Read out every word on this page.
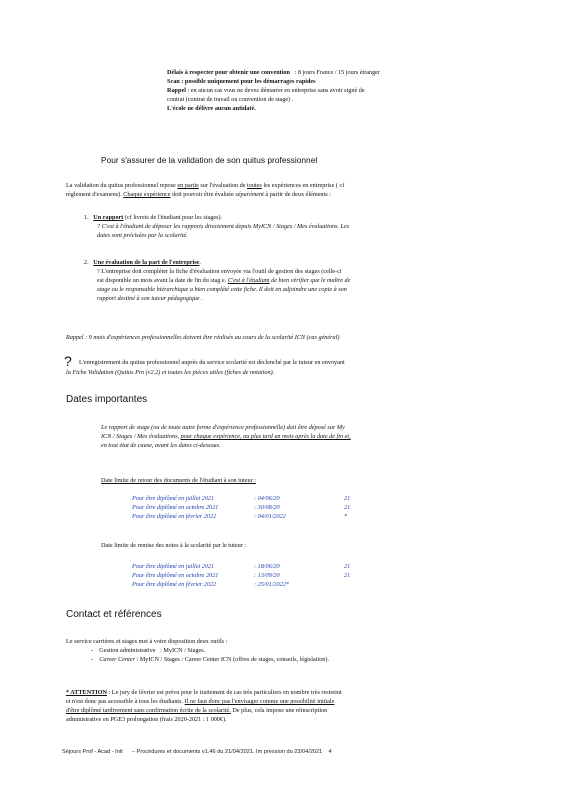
Délais à respecter pour obtenir une convention : 8 jours France / 15 jours étranger
Scan : possible uniquement pour les démarrages rapides
Rappel : en aucun cas vous ne devez démarrer en entreprise sans avoir signé de
contrat (contrat de travail ou convention de stage) .
L'école ne délivre aucun antidaté.
Pour s'assurer de la validation de son quitus professionnel
La validation du quitus professionnel repose en partie sur l'évaluation de toutes les expériences en entreprise ( cf
règlement d'examens). Chaque expérience doit pouvoir être évaluée séparément à partir de deux éléments :
1. Un rapport (cf livrets de l'étudiant pour les stages).
? C'est à l'étudiant de déposer les rapports directement depuis MyICN / Stages / Mes évaluations. Les
dates sont précisées par la scolarité.
2. Une évaluation de la part de l'entreprise.
? L'entreprise doit compléter la fiche d'évaluation envoyée via l'outil de gestion des stages (celle-ci
est disponible un mois avant la date de fin du stag e. C'est à l'étudiant de bien vérifier que le maître de
stage ou le responsable hiérarchique a bien complété cette fiche. Il doit en adjoindre une copie à son
rapport destiné à son tuteur pédagogique .
Rappel : 9 mois d'expériences professionnelles doivent être réalisés au cours de la scolarité ICN (cas général)
? L'enregistrement du quitus professionnel auprès du service scolarité est déclenché par le tuteur en envoyant
la Fiche Validation (Quitus Pro (v2.2) et toutes les pièces utiles (fiches de notation).
Dates importantes
Le rapport de stage (ou de toute autre forme d'expérience professionnelle) doit être déposé sur My
ICN / Stages / Mes évaluations, pour chaque expérience, au plus tard un mois après la date de fin et,
en tout état de cause, avant les dates ci-dessous.
Date limite de retour des documents de l'étudiant à son tuteur :
Pour être diplômé en juillet 2021	: 04/06/20	21
Pour être diplômé en octobre 2021	: 30/08/20	21
Pour être diplômé en février 2022	: 04/01/2022	*
Date limite de remise des notes à la scolarité par le tuteur :
Pour être diplômé en juillet 2021	: 18/06/20	21
Pour être diplômé en octobre 2021	: 13/09/20	21
Pour être diplômé en février 2022	: 25/01/2022*
Contact et références
Le service carrières et stages met à votre disposition deux outils :
- Gestion administrative : MyICN / Stages.
- Career Center : MyICN / Stages / Career Center ICN (offres de stages, conseils, législation).
* ATTENTION : Le jury de février est prévu pour le traitement de cas très particuliers en nombre très restreint
et n'est donc pas accessible à tous les étudiants. Il ne faut donc pas l'envisager comme une possibilité initiale
d'être diplômé tardivement sans confirmation écrite de la scolarité. De plus, cela impose une réinscription
administrative en PGE3 prolongation (frais 2020-2021 : 1 000€).
Séjours Prof - Acad - Intl – Procédures et documents v1.46 du 21/04/2021. Im pression du 23/04/2021 4
